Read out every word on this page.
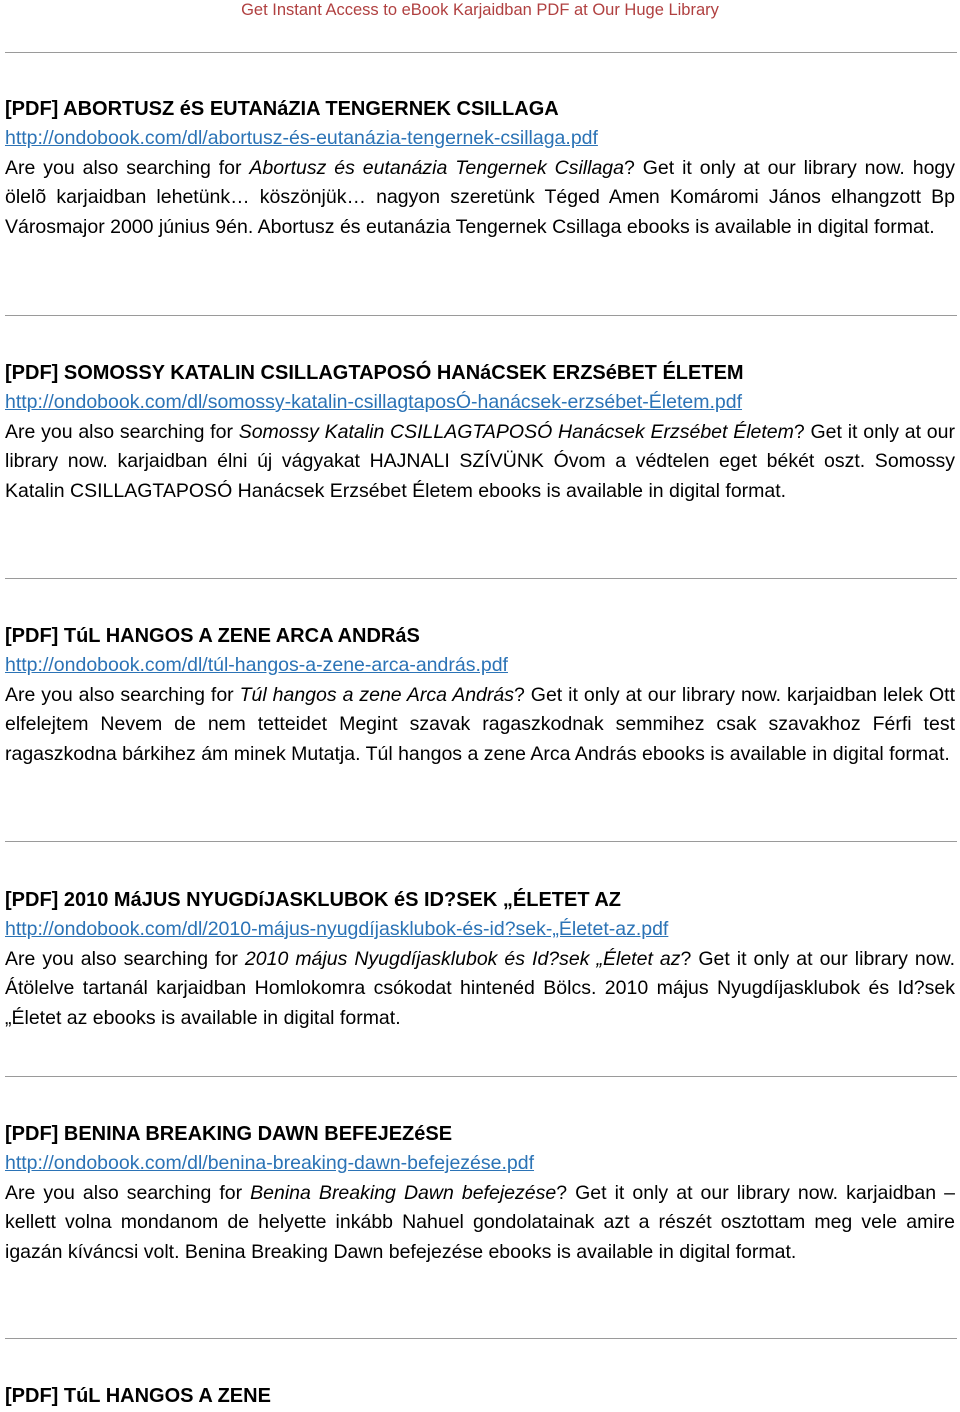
Get Instant Access to eBook Karjaidban PDF at Our Huge Library
[PDF] ABORTUSZ éS EUTANáZIA TENGERNEK CSILLAGA
http://ondobook.com/dl/abortusz-és-eutanázia-tengernek-csillaga.pdf

Are you also searching for Abortusz és eutanázia Tengernek Csillaga? Get it only at our library now. hogy ölelõ karjaidban lehetünk… köszönjük… nagyon szeretünk Téged Amen Komáromi János elhangzott Bp Városmajor 2000 június 9én. Abortusz és eutanázia Tengernek Csillaga ebooks is available in digital format.

[PDF] SOMOSSY KATALIN CSILLAGTAPOSÓ HANáCSEK ERZSéBET ÉLETEM
http://ondobook.com/dl/somossy-katalin-csillagtaposÓ-hanácsek-erzsébet-Életem.pdf

Are you also searching for Somossy Katalin CSILLAGTAPOSÓ Hanácsek Erzsébet Életem? Get it only at our library now. karjaidban élni új vágyakat HAJNALI SZÍVÜNK Óvom a védtelen eget békét oszt. Somossy Katalin CSILLAGTAPOSÓ Hanácsek Erzsébet Életem ebooks is available in digital format.

[PDF] TúL HANGOS A ZENE ARCA ANDRáS
http://ondobook.com/dl/túl-hangos-a-zene-arca-andrás.pdf

Are you also searching for Túl hangos a zene Arca András? Get it only at our library now. karjaidban lelek Ott elfelejtem Nevem de nem tetteidet Megint szavak ragaszkodnak semmihez csak szavakhoz Férfi test ragaszkodna bárkihez ám minek Mutatja. Túl hangos a zene Arca András ebooks is available in digital format.

[PDF] 2010 MáJUS NYUGDíJASKLUBOK éS ID?SEK „ÉLETET AZ
http://ondobook.com/dl/2010-május-nyugdíjasklubok-és-id?sek-„Életet-az.pdf

Are you also searching for 2010 május Nyugdíjasklubok és Id?sek „Életet az? Get it only at our library now. Átölelve tartanál karjaidban Homlokomra csókodat hintenéd Bölcs. 2010 május Nyugdíjasklubok és Id?sek „Életet az ebooks is available in digital format.

[PDF] BENINA BREAKING DAWN BEFEJEZéSE
http://ondobook.com/dl/benina-breaking-dawn-befejezése.pdf

Are you also searching for Benina Breaking Dawn befejezése? Get it only at our library now. karjaidban – kellett volna mondanom de helyette inkább Nahuel gondolatainak azt a részét osztottam meg vele amire igazán kíváncsi volt. Benina Breaking Dawn befejezése ebooks is available in digital format.

[PDF] TúL HANGOS A ZENE
